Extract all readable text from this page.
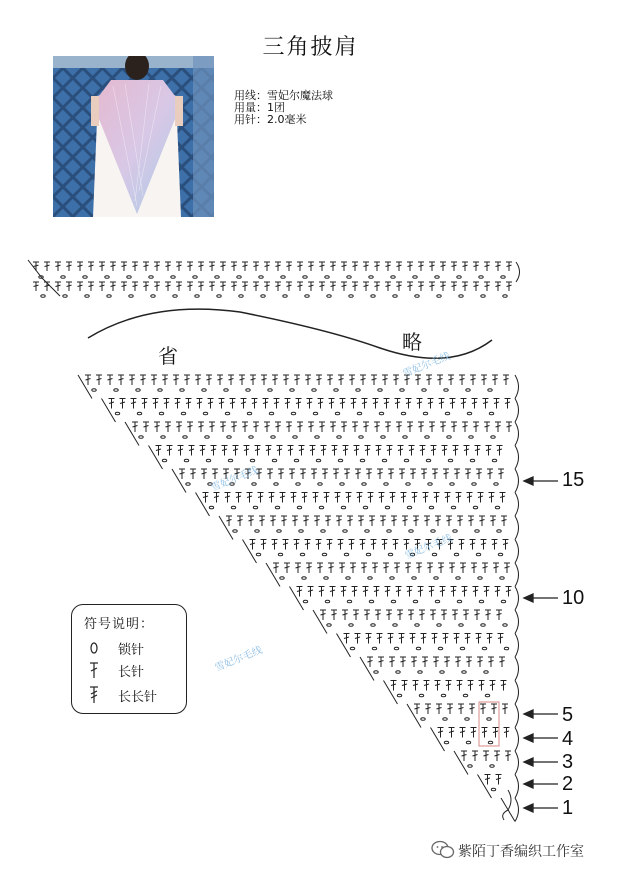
三角披肩
用线：雪妃尔魔法球
用量：1团
用针：2.0毫米
省
略
15
10
5
4
3
2
1
雪妃尔毛线
雪妃尔毛线
雪妃尔毛线
雪妃尔毛线
符号说明：
锁针
长针
长长针
紫陌丁香编织工作室
